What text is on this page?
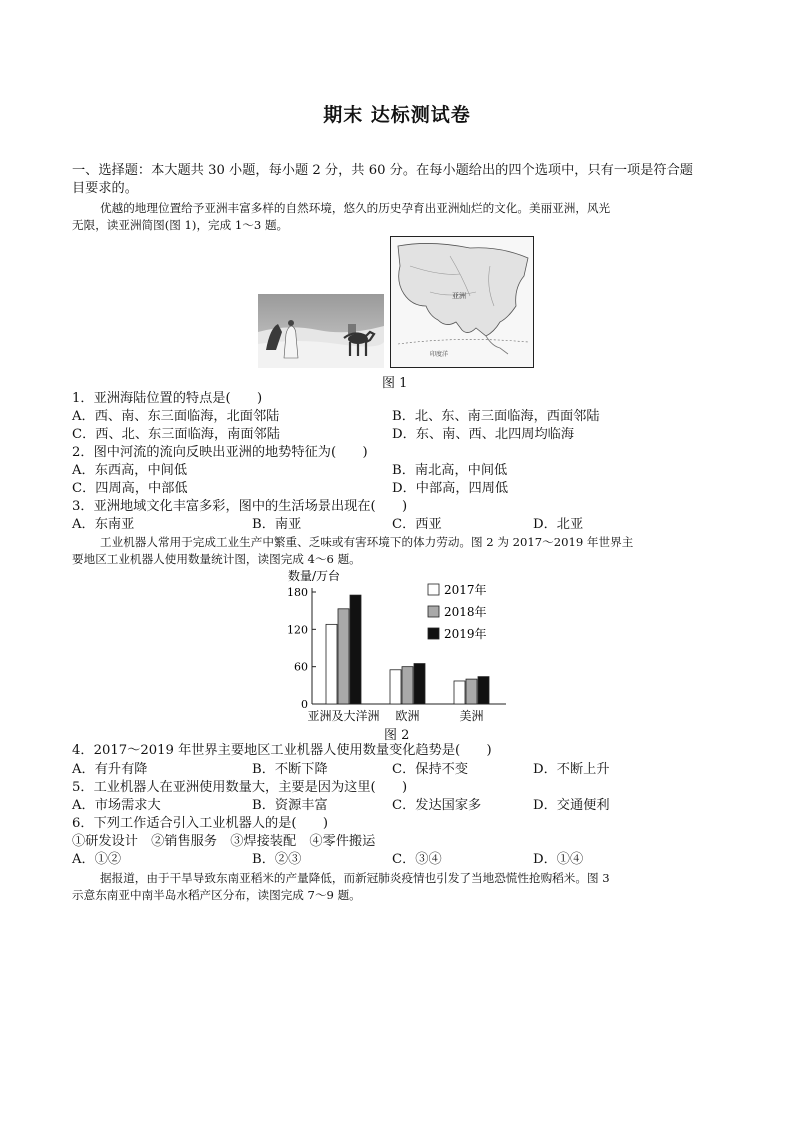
期末 达标测试卷
一、选择题：本大题共 30 小题，每小题 2 分，共 60 分。在每小题给出的四个选项中，只有一项是符合题
目要求的。
优越的地理位置给予亚洲丰富多样的自然环境，悠久的历史孕育出亚洲灿烂的文化。美丽亚洲，风光
无限，读亚洲简图(图 1)，完成 1～3 题。
亚洲
印度洋
图 1
1．亚洲海陆位置的特点是(　　)
A．西、南、东三面临海，北面邻陆	B．北、东、南三面临海，西面邻陆
C．西、北、东三面临海，南面邻陆	D．东、南、西、北四周均临海
2．图中河流的流向反映出亚洲的地势特征为(　　)
A．东西高，中间低	B．南北高，中间低
C．四周高，中部低	D．中部高，四周低
3．亚洲地域文化丰富多彩，图中的生活场景出现在(　　)
A．东南亚	B．南亚	C．西亚	D．北亚
工业机器人常用于完成工业生产中繁重、乏味或有害环境下的体力劳动。图 2 为 2017～2019 年世界主
要地区工业机器人使用数量统计图，读图完成 4～6 题。
数量/万台
0
60
120
180
亚洲及大洋洲 欧洲	美洲
2017年
2018年
2019年
图 2
4．2017～2019 年世界主要地区工业机器人使用数量变化趋势是(　　)
A．有升有降	B．不断下降	C．保持不变	D．不断上升
5．工业机器人在亚洲使用数量大，主要是因为这里(　　)
A．市场需求大	B．资源丰富	C．发达国家多	D．交通便利
6．下列工作适合引入工业机器人的是(　　)
①研发设计　②销售服务　③焊接装配　④零件搬运
A．①②	B．②③	C．③④	D．①④
据报道，由于干旱导致东南亚稻米的产量降低，而新冠肺炎疫情也引发了当地恐慌性抢购稻米。图 3
示意东南亚中南半岛水稻产区分布，读图完成 7～9 题。
